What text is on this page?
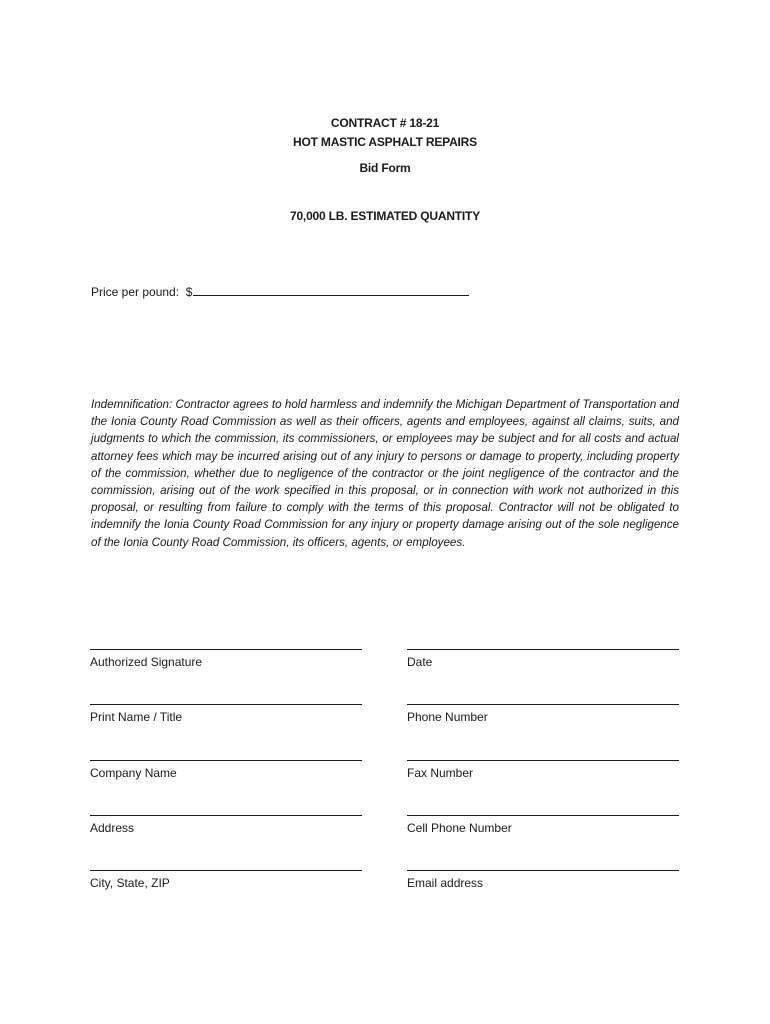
CONTRACT # 18-21
HOT MASTIC ASPHALT REPAIRS
Bid Form
70,000 LB. ESTIMATED QUANTITY
Price per pound: $

Indemnification: Contractor agrees to hold harmless and indemnify the Michigan Department of Transportation and the Ionia County Road Commission as well as their officers, agents and employees, against all claims, suits, and judgments to which the commission, its commissioners, or employees may be subject and for all costs and actual attorney fees which may be incurred arising out of any injury to persons or damage to property, including property of the commission, whether due to negligence of the contractor or the joint negligence of the contractor and the commission, arising out of the work specified in this proposal, or in connection with work not authorized in this proposal, or resulting from failure to comply with the terms of this proposal. Contractor will not be obligated to indemnify the Ionia County Road Commission for any injury or property damage arising out of the sole negligence of the Ionia County Road Commission, its officers, agents, or employees.

Authorized Signature
Print Name / Title
Company Name
Address
City, State, ZIP
Date
Phone Number
Fax Number
Cell Phone Number
Email address
